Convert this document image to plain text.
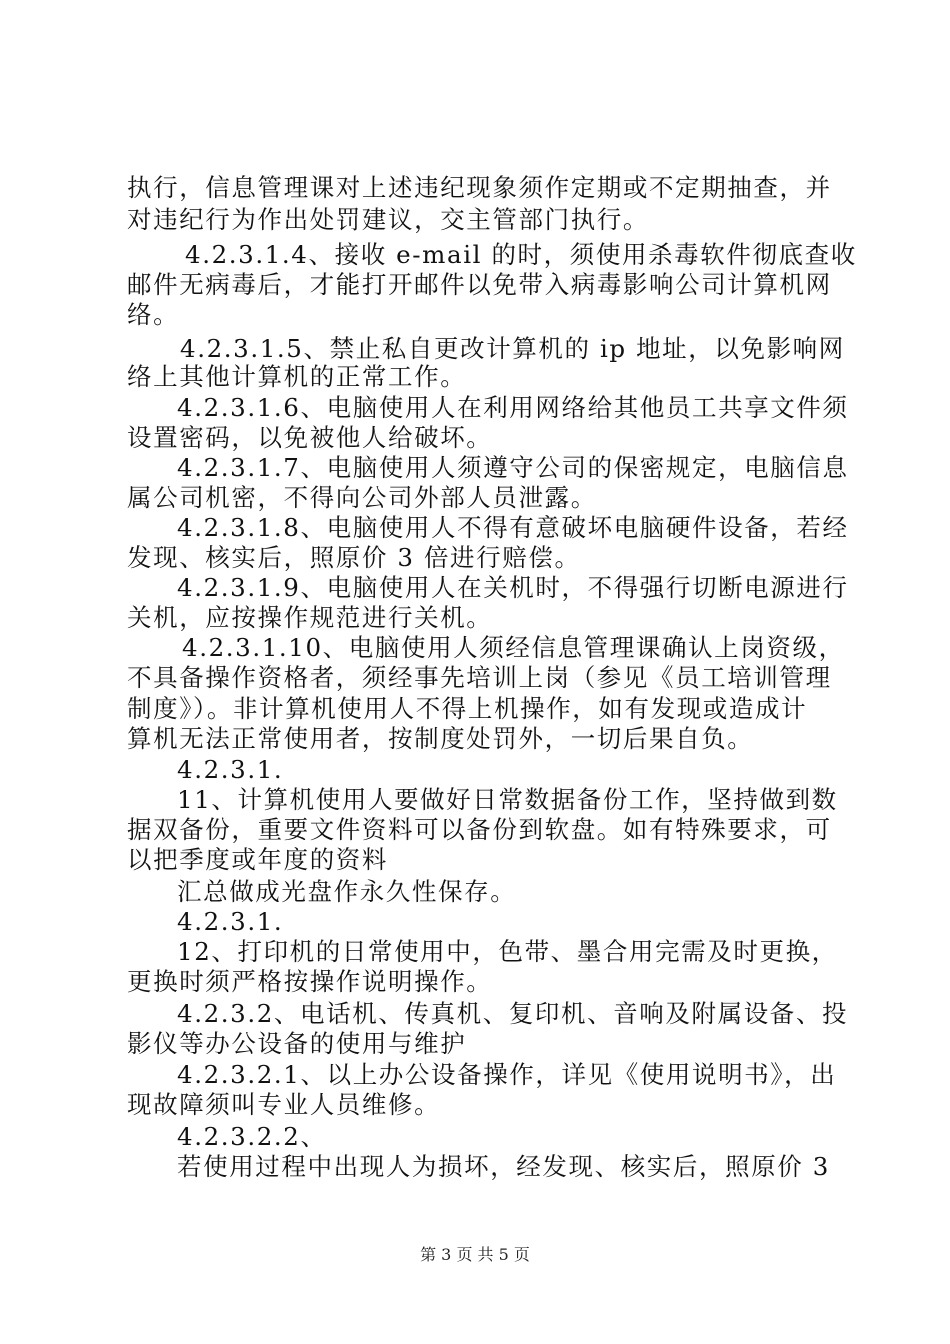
执行，信息管理课对上述违纪现象须作定期或不定期抽查，并
对违纪行为作出处罚建议，交主管部门执行。
4.2.3.1.4、接收 e-mail 的时，须使用杀毒软件彻底查收
邮件无病毒后，才能打开邮件以免带入病毒影响公司计算机网
络。
4.2.3.1.5、禁止私自更改计算机的 ip 地址，以免影响网
络上其他计算机的正常工作。
4.2.3.1.6、电脑使用人在利用网络给其他员工共享文件须
设置密码，以免被他人给破坏。
4.2.3.1.7、电脑使用人须遵守公司的保密规定，电脑信息
属公司机密，不得向公司外部人员泄露。
4.2.3.1.8、电脑使用人不得有意破坏电脑硬件设备，若经
发现、核实后，照原价 3 倍进行赔偿。
4.2.3.1.9、电脑使用人在关机时，不得强行切断电源进行
关机，应按操作规范进行关机。
4.2.3.1.10、电脑使用人须经信息管理课确认上岗资级，
不具备操作资格者，须经事先培训上岗（参见《员工培训管理
制度》）。非计算机使用人不得上机操作，如有发现或造成计
算机无法正常使用者，按制度处罚外，一切后果自负。
4.2.3.1.
11、计算机使用人要做好日常数据备份工作，坚持做到数
据双备份，重要文件资料可以备份到软盘。如有特殊要求，可
以把季度或年度的资料
汇总做成光盘作永久性保存。
4.2.3.1.
12、打印机的日常使用中，色带、墨合用完需及时更换，
更换时须严格按操作说明操作。
4.2.3.2、电话机、传真机、复印机、音响及附属设备、投
影仪等办公设备的使用与维护
4.2.3.2.1、以上办公设备操作，详见《使用说明书》，出
现故障须叫专业人员维修。
4.2.3.2.2、
若使用过程中出现人为损坏，经发现、核实后，照原价 3
第 3 页 共 5 页
